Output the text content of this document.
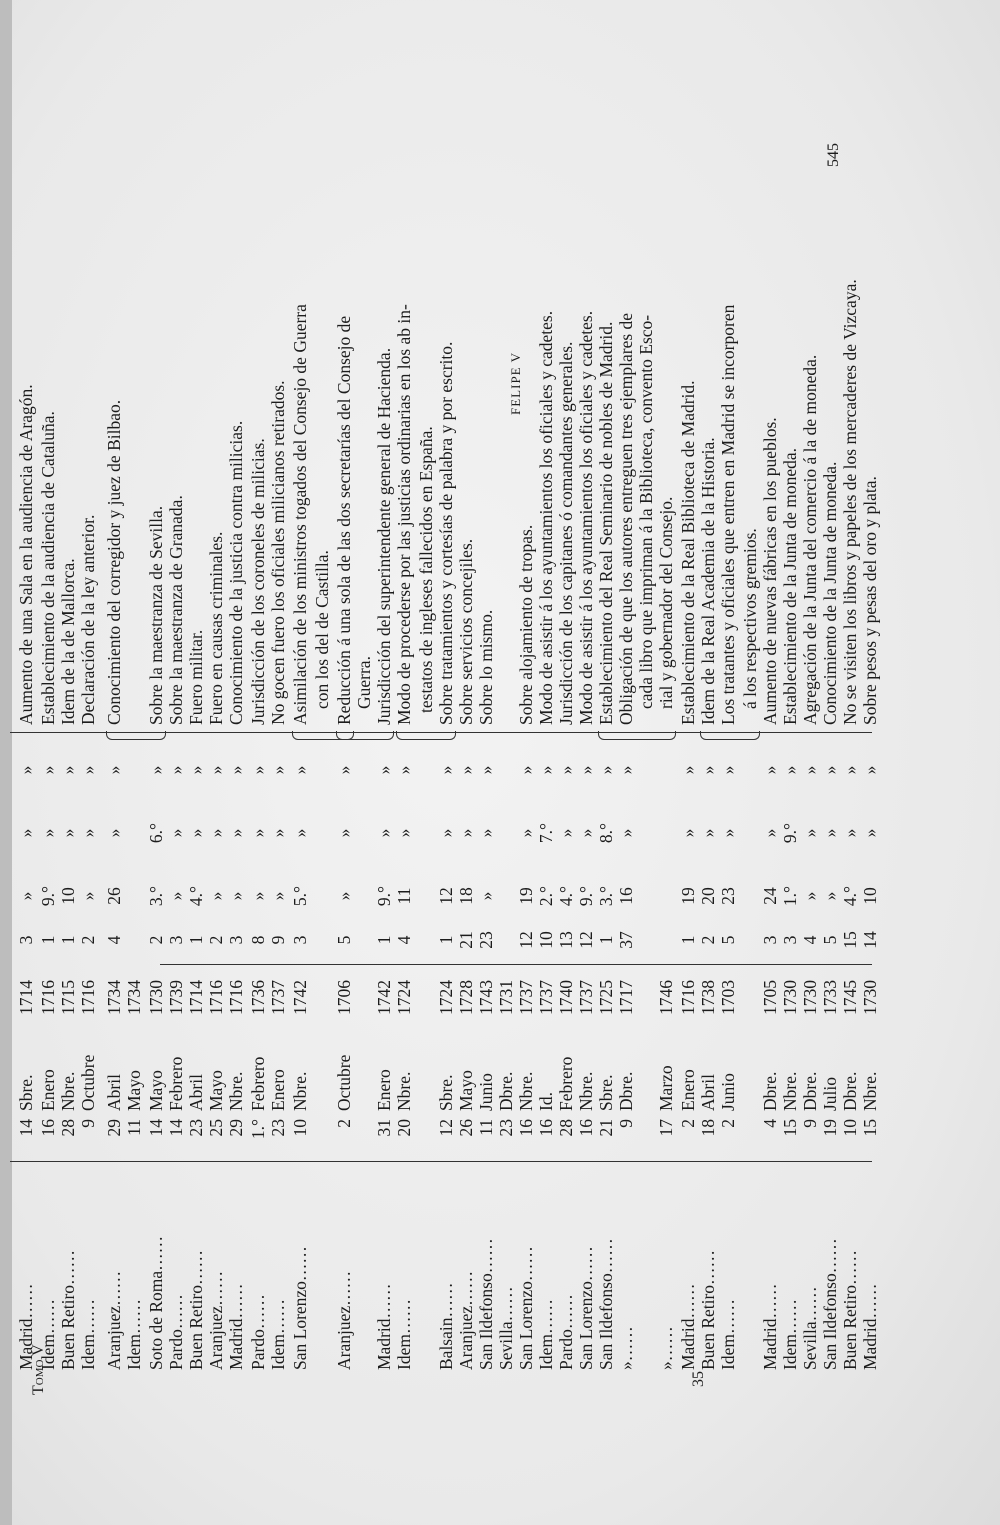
FELIPE V
545
Tomo V	35
Madrid……
14
Sbre.
1714
3
»
»
»
Aumento de una Sala en la audiencia de Aragón.
Idem……
16
Enero
1716
1
9.°
»
»
Establecimiento de la audiencia de Cataluña.
Buen Retiro……
28
Nbre.
1715
1
10
»
»
Idem de la de Mallorca.
Idem……
9
Octubre
1716
2
»
»
»
Declaración de la ley anterior.
Aranjuez……
29
Abril
1734
4
26
»
»
Conocimiento del corregidor y juez de Bilbao.
Idem……
11
Mayo
1734
Soto de Roma……
14
Mayo
1730
2
3.°
6.°
»
Sobre la maestranza de Sevilla.
Pardo……
14
Febrero
1739
3
»
»
»
Sobre la maestranza de Granada.
Buen Retiro……
23
Abril
1714
1
4.°
»
»
Fuero militar.
Aranjuez……
25
Mayo
1716
2
»
»
»
Fuero en causas criminales.
Madrid……
29
Nbre.
1716
3
»
»
»
Conocimiento de la justicia contra milicias.
Pardo……
1.°
Febrero
1736
8
»
»
»
Jurisdicción de los coroneles de milicias.
Idem……
23
Enero
1737
9
»
»
»
No gocen fuero los oficiales milicianos retirados.
San Lorenzo……
10
Nbre.
1742
3
5.°
»
»
Asimilación de los ministros togados del Consejo de Guerra con los del de Castilla.
Aranjuez……
2
Octubre
1706
5
»
»
»
Reducción á una sola de las dos secretarías del Consejo de Guerra.
Madrid……
31
Enero
1742
1
9.°
»
»
Jurisdicción del superintendente general de Hacienda.
Idem……
20
Nbre.
1724
4
11
»
»
Modo de procederse por las justicias ordinarias en los ab in- testatos de ingleses fallecidos en España.
Balsain……
12
Sbre.
1724
1
12
»
»
Sobre tratamientos y cortesías de palabra y por escrito.
Aranjuez……
26
Mayo
1728
21
18
»
»
Sobre servicios concejiles.
San Ildefonso……
11
Junio
1743
23
»
»
»
Sobre lo mismo.
Sevilla……
23
Dbre.
1731
San Lorenzo……
16
Nbre.
1737
12
19
»
»
Sobre alojamiento de tropas.
Idem……
16
Id.
1737
10
2.°
7.°
»
Modo de asistir á los ayuntamientos los oficiales y cadetes.
Pardo……
28
Febrero
1740
13
4.°
»
»
Jurisdicción de los capitanes ó comandantes generales.
San Lorenzo……
16
Nbre.
1737
12
9.°
»
»
Modo de asistir á los ayuntamientos los oficiales y cadetes.
San Ildefonso……
21
Sbre.
1725
1
3.°
8.°
»
Establecimiento del Real Seminario de nobles de Madrid.
»……
9
Dbre.
1717
37
16
»
»
Obligación de que los autores entreguen tres ejemplares de cada libro que impriman á la Biblioteca, convento Esco-
»……
17
Marzo
1746
rial y gobernador del Consejo.
Madrid……
2
Enero
1716
1
19
»
»
Establecimiento de la Real Biblioteca de Madrid.
Buen Retiro……
18
Abril
1738
2
20
»
»
Idem de la Real Academia de la Historia.
Idem……
2
Junio
1703
5
23
»
»
Los tratantes y oficiales que entren en Madrid se incorporen á los respectivos gremios.
Madrid……
4
Dbre.
1705
3
24
»
»
Aumento de nuevas fábricas en los pueblos.
Idem……
15
Nbre.
1730
3
1.°
9.°
»
Establecimiento de la Junta de moneda.
Sevilla……
9
Dbre.
1730
4
»
»
»
Agregación de la Junta del comercio á la de moneda.
San Ildefonso……
19
Julio
1733
5
»
»
»
Conocimiento de la Junta de moneda.
Buen Retiro……
10
Dbre.
1745
15
4.°
»
»
No se visiten los libros y papeles de los mercaderes de Vizcaya.
Madrid……
15
Nbre.
1730
14
10
»
»
Sobre pesos y pesas del oro y plata.
